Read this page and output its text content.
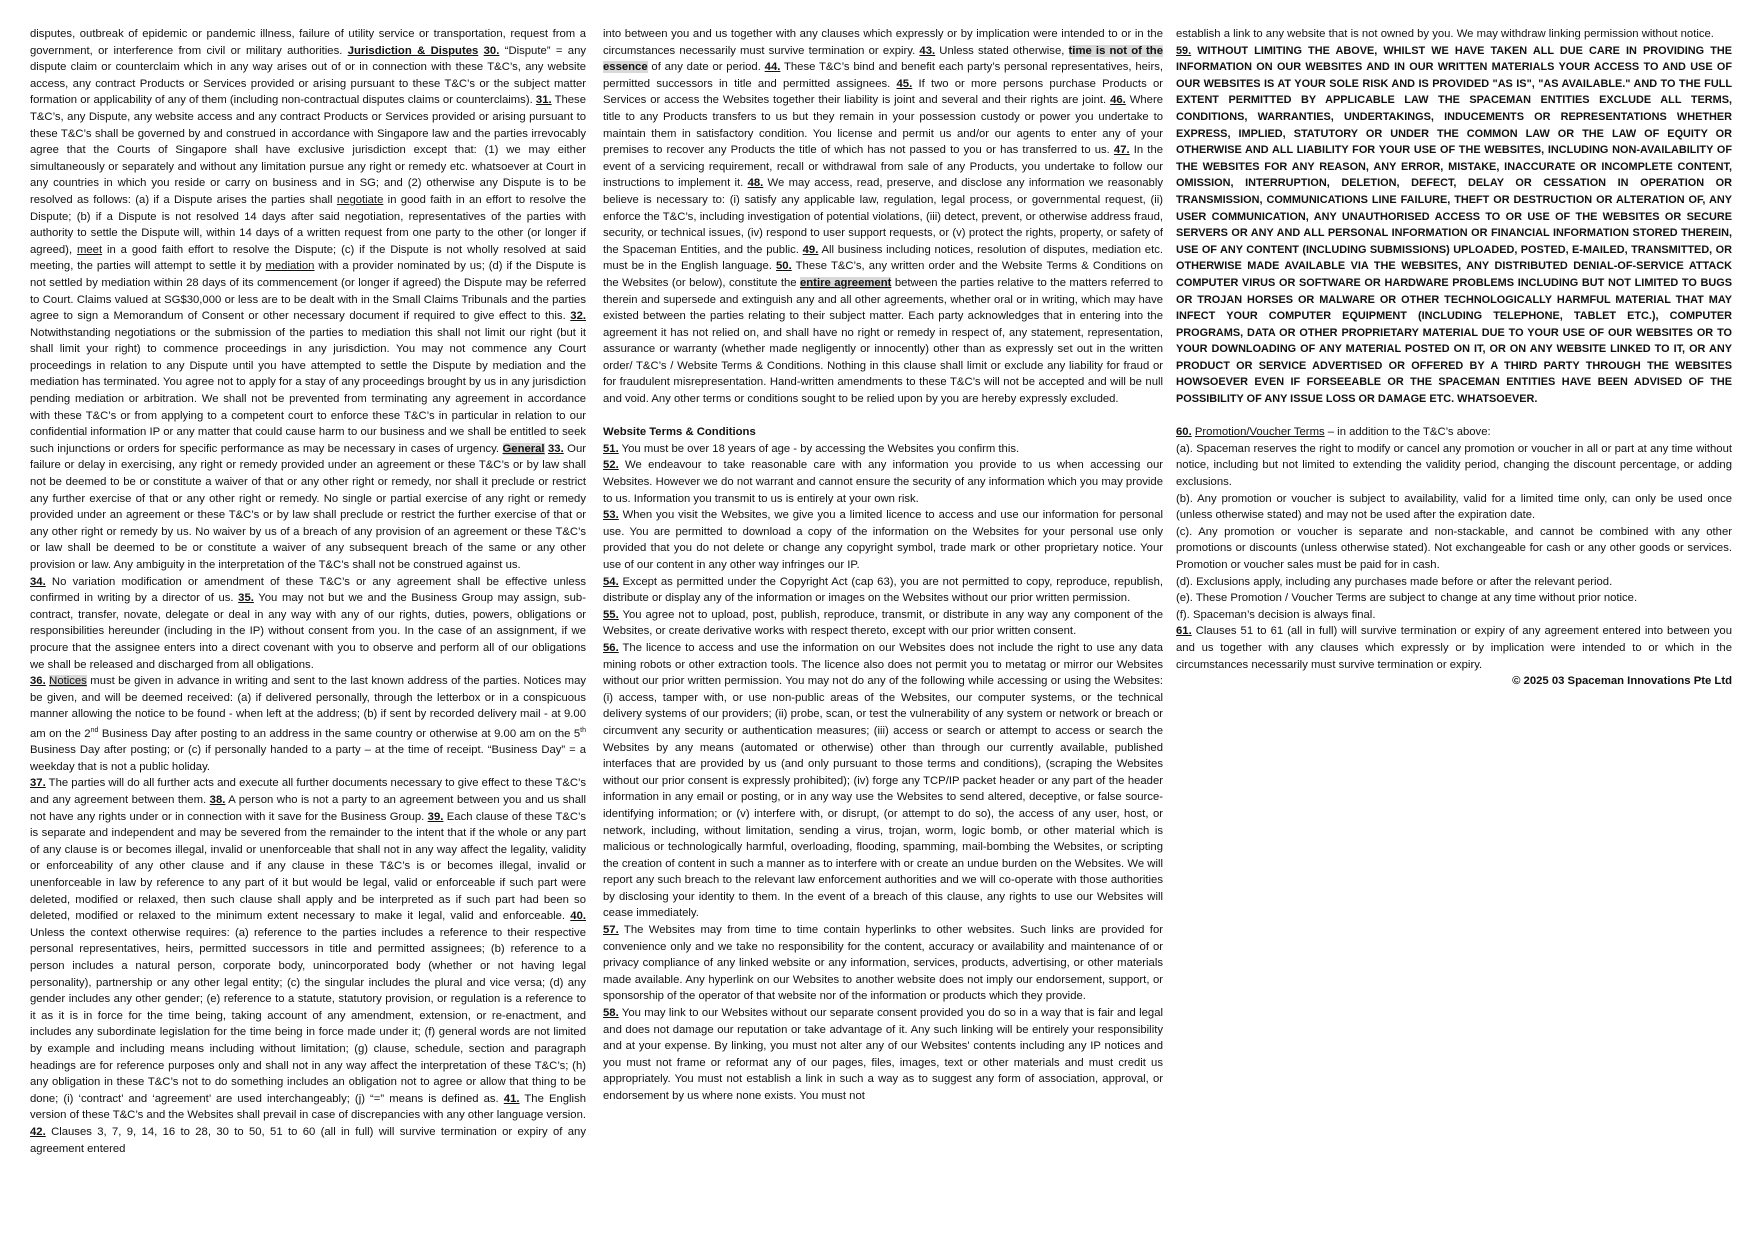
disputes, outbreak of epidemic or pandemic illness, failure of utility service or transportation, request from a government, or interference from civil or military authorities. Jurisdiction & Disputes 30. “Dispute” = any dispute claim or counterclaim which in any way arises out of or in connection with these T&C’s, any website access, any contract Products or Services provided or arising pursuant to these T&C’s or the subject matter formation or applicability of any of them (including non-contractual disputes claims or counterclaims). 31. These T&C’s, any Dispute, any website access and any contract Products or Services provided or arising pursuant to these T&C’s shall be governed by and construed in accordance with Singapore law and the parties irrevocably agree that the Courts of Singapore shall have exclusive jurisdiction except that: (1) we may either simultaneously or separately and without any limitation pursue any right or remedy etc. whatsoever at Court in any countries in which you reside or carry on business and in SG; and (2) otherwise any Dispute is to be resolved as follows: (a) if a Dispute arises the parties shall negotiate in good faith in an effort to resolve the Dispute; (b) if a Dispute is not resolved 14 days after said negotiation, representatives of the parties with authority to settle the Dispute will, within 14 days of a written request from one party to the other (or longer if agreed), meet in a good faith effort to resolve the Dispute; (c) if the Dispute is not wholly resolved at said meeting, the parties will attempt to settle it by mediation with a provider nominated by us; (d) if the Dispute is not settled by mediation within 28 days of its commencement (or longer if agreed) the Dispute may be referred to Court. Claims valued at SG$30,000 or less are to be dealt with in the Small Claims Tribunals and the parties agree to sign a Memorandum of Consent or other necessary document if required to give effect to this. 32. Notwithstanding negotiations or the submission of the parties to mediation this shall not limit our right (but it shall limit your right) to commence proceedings in any jurisdiction. You may not commence any Court proceedings in relation to any Dispute until you have attempted to settle the Dispute by mediation and the mediation has terminated. You agree not to apply for a stay of any proceedings brought by us in any jurisdiction pending mediation or arbitration. We shall not be prevented from terminating any agreement in accordance with these T&C’s or from applying to a competent court to enforce these T&C’s in particular in relation to our confidential information IP or any matter that could cause harm to our business and we shall be entitled to seek such injunctions or orders for specific performance as may be necessary in cases of urgency. General 33. Our failure or delay in exercising, any right or remedy provided under an agreement or these T&C’s or by law shall not be deemed to be or constitute a waiver of that or any other right or remedy, nor shall it preclude or restrict any further exercise of that or any other right or remedy. No single or partial exercise of any right or remedy provided under an agreement or these T&C’s or by law shall preclude or restrict the further exercise of that or any other right or remedy by us. No waiver by us of a breach of any provision of an agreement or these T&C’s or law shall be deemed to be or constitute a waiver of any subsequent breach of the same or any other provision or law. Any ambiguity in the interpretation of the T&C’s shall not be construed against us.

34. No variation modification or amendment of these T&C’s or any agreement shall be effective unless confirmed in writing by a director of us. 35. You may not but we and the Business Group may assign, sub-contract, transfer, novate, delegate or deal in any way with any of our rights, duties, powers, obligations or responsibilities hereunder (including in the IP) without consent from you. In the case of an assignment, if we procure that the assignee enters into a direct covenant with you to observe and perform all of our obligations we shall be released and discharged from all obligations.

36. Notices must be given in advance in writing and sent to the last known address of the parties. Notices may be given, and will be deemed received: (a) if delivered personally, through the letterbox or in a conspicuous manner allowing the notice to be found - when left at the address; (b) if sent by recorded delivery mail - at 9.00 am on the 2nd Business Day after posting to an address in the same country or otherwise at 9.00 am on the 5th Business Day after posting; or (c) if personally handed to a party – at the time of receipt. “Business Day” = a weekday that is not a public holiday.

37. The parties will do all further acts and execute all further documents necessary to give effect to these T&C’s and any agreement between them. 38. A person who is not a party to an agreement between you and us shall not have any rights under or in connection with it save for the Business Group. 39. Each clause of these T&C’s is separate and independent and may be severed from the remainder to the intent that if the whole or any part of any clause is or becomes illegal, invalid or unenforceable that shall not in any way affect the legality, validity or enforceability of any other clause and if any clause in these T&C’s is or becomes illegal, invalid or unenforceable in law by reference to any part of it but would be legal, valid or enforceable if such part were deleted, modified or relaxed, then such clause shall apply and be interpreted as if such part had been so deleted, modified or relaxed to the minimum extent necessary to make it legal, valid and enforceable. 40. Unless the context otherwise requires: (a) reference to the parties includes a reference to their respective personal representatives, heirs, permitted successors in title and permitted assignees; (b) reference to a person includes a natural person, corporate body, unincorporated body (whether or not having legal personality), partnership or any other legal entity; (c) the singular includes the plural and vice versa; (d) any gender includes any other gender; (e) reference to a statute, statutory provision, or regulation is a reference to it as it is in force for the time being, taking account of any amendment, extension, or re-enactment, and includes any subordinate legislation for the time being in force made under it; (f) general words are not limited by example and including means including without limitation; (g) clause, schedule, section and paragraph headings are for reference purposes only and shall not in any way affect the interpretation of these T&C’s; (h) any obligation in these T&C’s not to do something includes an obligation not to agree or allow that thing to be done; (i) ‘contract’ and ‘agreement’ are used interchangeably; (j) “=” means is defined as. 41. The English version of these T&C’s and the Websites shall prevail in case of discrepancies with any other language version. 42. Clauses 3, 7, 9, 14, 16 to 28, 30 to 50, 51 to 60 (all in full) will survive termination or expiry of any agreement entered

into between you and us together with any clauses which expressly or by implication were intended to or in the circumstances necessarily must survive termination or expiry. 43. Unless stated otherwise, time is not of the essence of any date or period. 44. These T&C’s bind and benefit each party’s personal representatives, heirs, permitted successors in title and permitted assignees. 45. If two or more persons purchase Products or Services or access the Websites together their liability is joint and several and their rights are joint. 46. Where title to any Products transfers to us but they remain in your possession custody or power you undertake to maintain them in satisfactory condition. You license and permit us and/or our agents to enter any of your premises to recover any Products the title of which has not passed to you or has transferred to us. 47. In the event of a servicing requirement, recall or withdrawal from sale of any Products, you undertake to follow our instructions to implement it. 48. We may access, read, preserve, and disclose any information we reasonably believe is necessary to: (i) satisfy any applicable law, regulation, legal process, or governmental request, (ii) enforce the T&C’s, including investigation of potential violations, (iii) detect, prevent, or otherwise address fraud, security, or technical issues, (iv) respond to user support requests, or (v) protect the rights, property, or safety of the Spaceman Entities, and the public. 49. All business including notices, resolution of disputes, mediation etc. must be in the English language. 50. These T&C’s, any written order and the Website Terms & Conditions on the Websites (or below), constitute the entire agreement between the parties relative to the matters referred to therein and supersede and extinguish any and all other agreements, whether oral or in writing, which may have existed between the parties relating to their subject matter. Each party acknowledges that in entering into the agreement it has not relied on, and shall have no right or remedy in respect of, any statement, representation, assurance or warranty (whether made negligently or innocently) other than as expressly set out in the written order/ T&C’s / Website Terms & Conditions. Nothing in this clause shall limit or exclude any liability for fraud or for fraudulent misrepresentation. Hand-written amendments to these T&C’s will not be accepted and will be null and void. Any other terms or conditions sought to be relied upon by you are hereby expressly excluded.

Website Terms & Conditions

51. You must be over 18 years of age - by accessing the Websites you confirm this.

52. We endeavour to take reasonable care with any information you provide to us when accessing our Websites. However we do not warrant and cannot ensure the security of any information which you may provide to us. Information you transmit to us is entirely at your own risk.

53. When you visit the Websites, we give you a limited licence to access and use our information for personal use. You are permitted to download a copy of the information on the Websites for your personal use only provided that you do not delete or change any copyright symbol, trade mark or other proprietary notice. Your use of our content in any other way infringes our IP.

54. Except as permitted under the Copyright Act (cap 63), you are not permitted to copy, reproduce, republish, distribute or display any of the information or images on the Websites without our prior written permission.

55. You agree not to upload, post, publish, reproduce, transmit, or distribute in any way any component of the Websites, or create derivative works with respect thereto, except with our prior written consent.

56. The licence to access and use the information on our Websites does not include the right to use any data mining robots or other extraction tools. The licence also does not permit you to metatag or mirror our Websites without our prior written permission. You may not do any of the following while accessing or using the Websites: (i) access, tamper with, or use non-public areas of the Websites, our computer systems, or the technical delivery systems of our providers; (ii) probe, scan, or test the vulnerability of any system or network or breach or circumvent any security or authentication measures; (iii) access or search or attempt to access or search the Websites by any means (automated or otherwise) other than through our currently available, published interfaces that are provided by us (and only pursuant to those terms and conditions), (scraping the Websites without our prior consent is expressly prohibited); (iv) forge any TCP/IP packet header or any part of the header information in any email or posting, or in any way use the Websites to send altered, deceptive, or false source-identifying information; or (v) interfere with, or disrupt, (or attempt to do so), the access of any user, host, or network, including, without limitation, sending a virus, trojan, worm, logic bomb, or other material which is malicious or technologically harmful, overloading, flooding, spamming, mail-bombing the Websites, or scripting the creation of content in such a manner as to interfere with or create an undue burden on the Websites. We will report any such breach to the relevant law enforcement authorities and we will co-operate with those authorities by disclosing your identity to them. In the event of a breach of this clause, any rights to use our Websites will cease immediately.

57. The Websites may from time to time contain hyperlinks to other websites. Such links are provided for convenience only and we take no responsibility for the content, accuracy or availability and maintenance of or privacy compliance of any linked website or any information, services, products, advertising, or other materials made available. Any hyperlink on our Websites to another website does not imply our endorsement, support, or sponsorship of the operator of that website nor of the information or products which they provide.

58. You may link to our Websites without our separate consent provided you do so in a way that is fair and legal and does not damage our reputation or take advantage of it. Any such linking will be entirely your responsibility and at your expense. By linking, you must not alter any of our Websites' contents including any IP notices and you must not frame or reformat any of our pages, files, images, text or other materials and must credit us appropriately. You must not establish a link in such a way as to suggest any form of association, approval, or endorsement by us where none exists. You must not

establish a link to any website that is not owned by you. We may withdraw linking permission without notice.

59. WITHOUT LIMITING THE ABOVE, WHILST WE HAVE TAKEN ALL DUE CARE IN PROVIDING THE INFORMATION ON OUR WEBSITES AND IN OUR WRITTEN MATERIALS YOUR ACCESS TO AND USE OF OUR WEBSITES IS AT YOUR SOLE RISK AND IS PROVIDED "AS IS", "AS AVAILABLE." AND TO THE FULL EXTENT PERMITTED BY APPLICABLE LAW THE SPACEMAN ENTITIES EXCLUDE ALL TERMS, CONDITIONS, WARRANTIES, UNDERTAKINGS, INDUCEMENTS OR REPRESENTATIONS WHETHER EXPRESS, IMPLIED, STATUTORY OR UNDER THE COMMON LAW OR THE LAW OF EQUITY OR OTHERWISE AND ALL LIABILITY FOR YOUR USE OF THE WEBSITES, INCLUDING NON-AVAILABILITY OF THE WEBSITES FOR ANY REASON, ANY ERROR, MISTAKE, INACCURATE OR INCOMPLETE CONTENT, OMISSION, INTERRUPTION, DELETION, DEFECT, DELAY OR CESSATION IN OPERATION OR TRANSMISSION, COMMUNICATIONS LINE FAILURE, THEFT OR DESTRUCTION OR ALTERATION OF, ANY USER COMMUNICATION, ANY UNAUTHORISED ACCESS TO OR USE OF THE WEBSITES OR SECURE SERVERS OR ANY AND ALL PERSONAL INFORMATION OR FINANCIAL INFORMATION STORED THEREIN, USE OF ANY CONTENT (INCLUDING SUBMISSIONS) UPLOADED, POSTED, E-MAILED, TRANSMITTED, OR OTHERWISE MADE AVAILABLE VIA THE WEBSITES, ANY DISTRIBUTED DENIAL-OF-SERVICE ATTACK COMPUTER VIRUS OR SOFTWARE OR HARDWARE PROBLEMS INCLUDING BUT NOT LIMITED TO BUGS OR TROJAN HORSES OR MALWARE OR OTHER TECHNOLOGICALLY HARMFUL MATERIAL THAT MAY INFECT YOUR COMPUTER EQUIPMENT (INCLUDING TELEPHONE, TABLET ETC.), COMPUTER PROGRAMS, DATA OR OTHER PROPRIETARY MATERIAL DUE TO YOUR USE OF OUR WEBSITES OR TO YOUR DOWNLOADING OF ANY MATERIAL POSTED ON IT, OR ON ANY WEBSITE LINKED TO IT, OR ANY PRODUCT OR SERVICE ADVERTISED OR OFFERED BY A THIRD PARTY THROUGH THE WEBSITES HOWSOEVER EVEN IF FORSEEABLE OR THE SPACEMAN ENTITIES HAVE BEEN ADVISED OF THE POSSIBILITY OF ANY ISSUE LOSS OR DAMAGE ETC. WHATSOEVER.

60. Promotion/Voucher Terms – in addition to the T&C’s above:

(a). Spaceman reserves the right to modify or cancel any promotion or voucher in all or part at any time without notice, including but not limited to extending the validity period, changing the discount percentage, or adding exclusions.

(b). Any promotion or voucher is subject to availability, valid for a limited time only, can only be used once (unless otherwise stated) and may not be used after the expiration date.

(c). Any promotion or voucher is separate and non-stackable, and cannot be combined with any other promotions or discounts (unless otherwise stated). Not exchangeable for cash or any other goods or services. Promotion or voucher sales must be paid for in cash.

(d). Exclusions apply, including any purchases made before or after the relevant period.

(e). These Promotion / Voucher Terms are subject to change at any time without prior notice.

(f). Spaceman’s decision is always final.

61. Clauses 51 to 61 (all in full) will survive termination or expiry of any agreement entered into between you and us together with any clauses which expressly or by implication were intended to or which in the circumstances necessarily must survive termination or expiry.

© 2025 03 Spaceman Innovations Pte Ltd
